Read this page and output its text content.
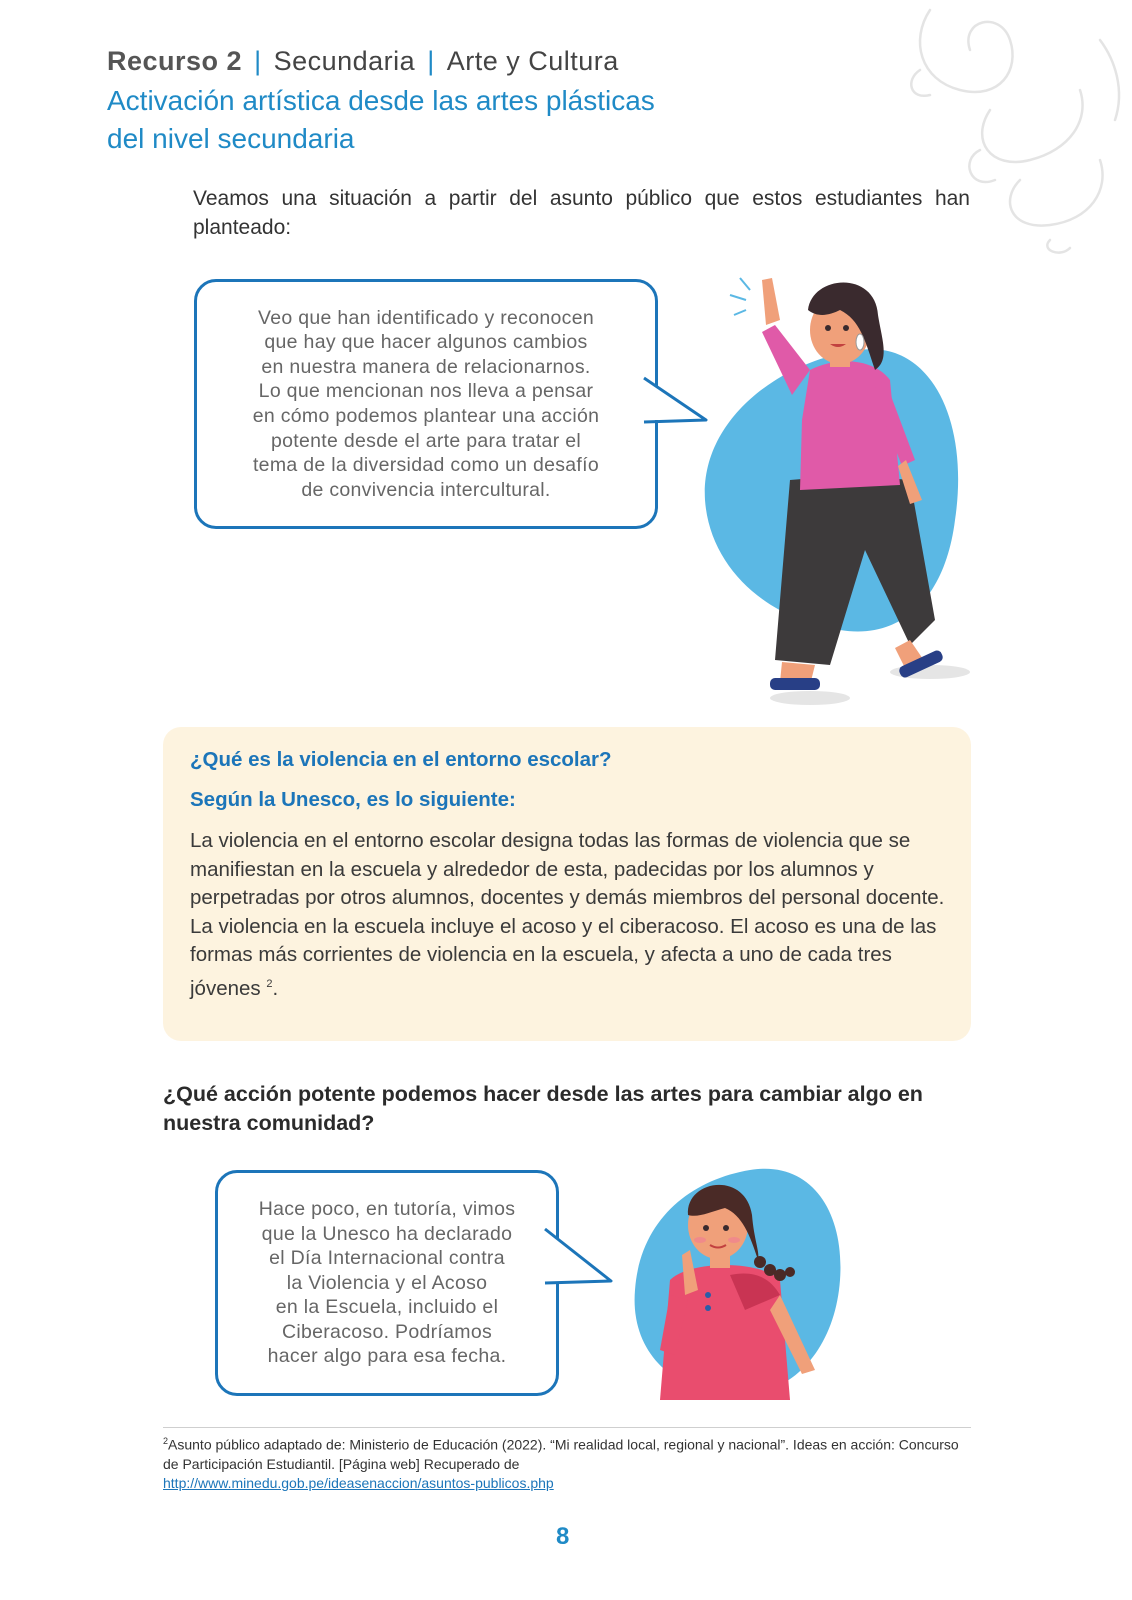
Recurso 2 | Secundaria | Arte y Cultura
Activación artística desde las artes plásticas del nivel secundaria
Veamos una situación a partir del asunto público que estos estudiantes han planteado:
Veo que han identificado y reconocen
que hay que hacer algunos cambios
en nuestra manera de relacionarnos.
Lo que mencionan nos lleva a pensar
en cómo podemos plantear una acción
potente desde el arte para tratar el
tema de la diversidad como un desafío
de convivencia intercultural.
¿Qué es la violencia en el entorno escolar?
Según la Unesco, es lo siguiente:
La violencia en el entorno escolar designa todas las formas de violencia que se manifiestan en la escuela y alrededor de esta, padecidas por los alumnos y perpetradas por otros alumnos, docentes y demás miembros del personal docente. La violencia en la escuela incluye el acoso y el ciberacoso. El acoso es una de las formas más corrientes de violencia en la escuela, y afecta a uno de cada tres jóvenes $^2$.
¿Qué acción potente podemos hacer desde las artes para cambiar algo en nuestra comunidad?
Hace poco, en tutoría, vimos
que la Unesco ha declarado
el Día Internacional contra
la Violencia y el Acoso
en la Escuela, incluido el
Ciberacoso. Podríamos
hacer algo para esa fecha.
$^2$Asunto público adaptado de: Ministerio de Educación (2022). “Mi realidad local, regional y nacional”. Ideas en acción: Concurso de Participación Estudiantil. [Página web] Recuperado de
http://www.minedu.gob.pe/ideasenaccion/asuntos-publicos.php
8
